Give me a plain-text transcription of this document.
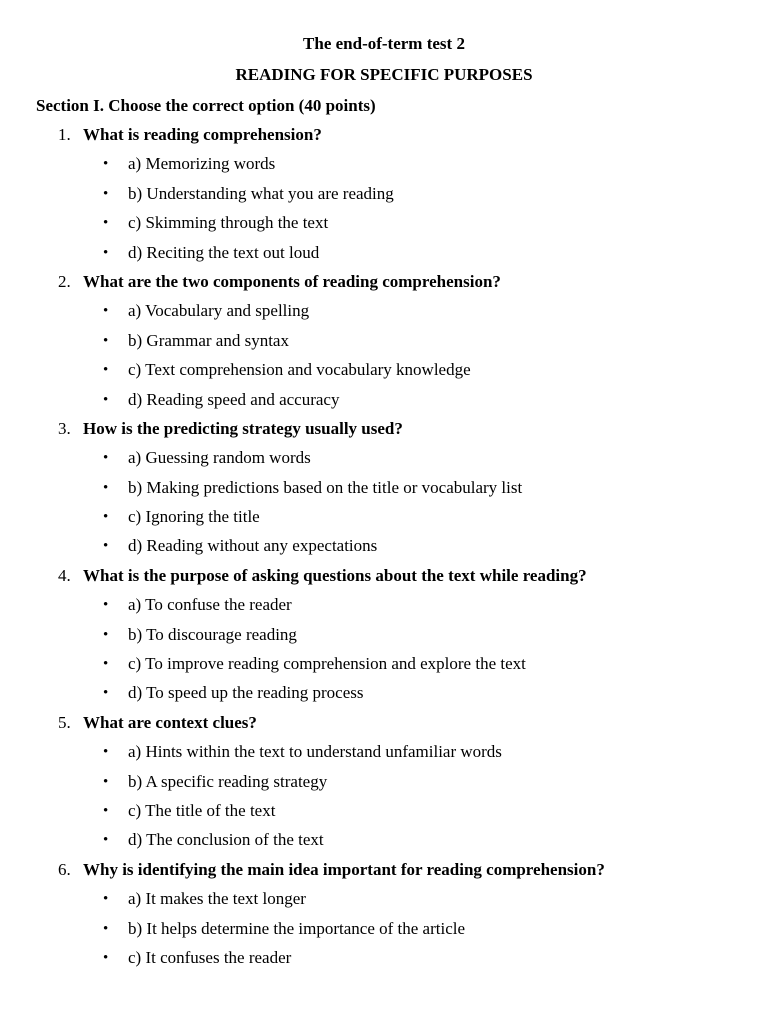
The end-of-term test 2
READING FOR SPECIFIC PURPOSES
Section I. Choose the correct option (40 points)
1. What is reading comprehension?
• a) Memorizing words
• b) Understanding what you are reading
• c) Skimming through the text
• d) Reciting the text out loud
2. What are the two components of reading comprehension?
• a) Vocabulary and spelling
• b) Grammar and syntax
• c) Text comprehension and vocabulary knowledge
• d) Reading speed and accuracy
3. How is the predicting strategy usually used?
• a) Guessing random words
• b) Making predictions based on the title or vocabulary list
• c) Ignoring the title
• d) Reading without any expectations
4. What is the purpose of asking questions about the text while reading?
• a) To confuse the reader
• b) To discourage reading
• c) To improve reading comprehension and explore the text
• d) To speed up the reading process
5. What are context clues?
• a) Hints within the text to understand unfamiliar words
• b) A specific reading strategy
• c) The title of the text
• d) The conclusion of the text
6. Why is identifying the main idea important for reading comprehension?
• a) It makes the text longer
• b) It helps determine the importance of the article
• c) It confuses the reader
